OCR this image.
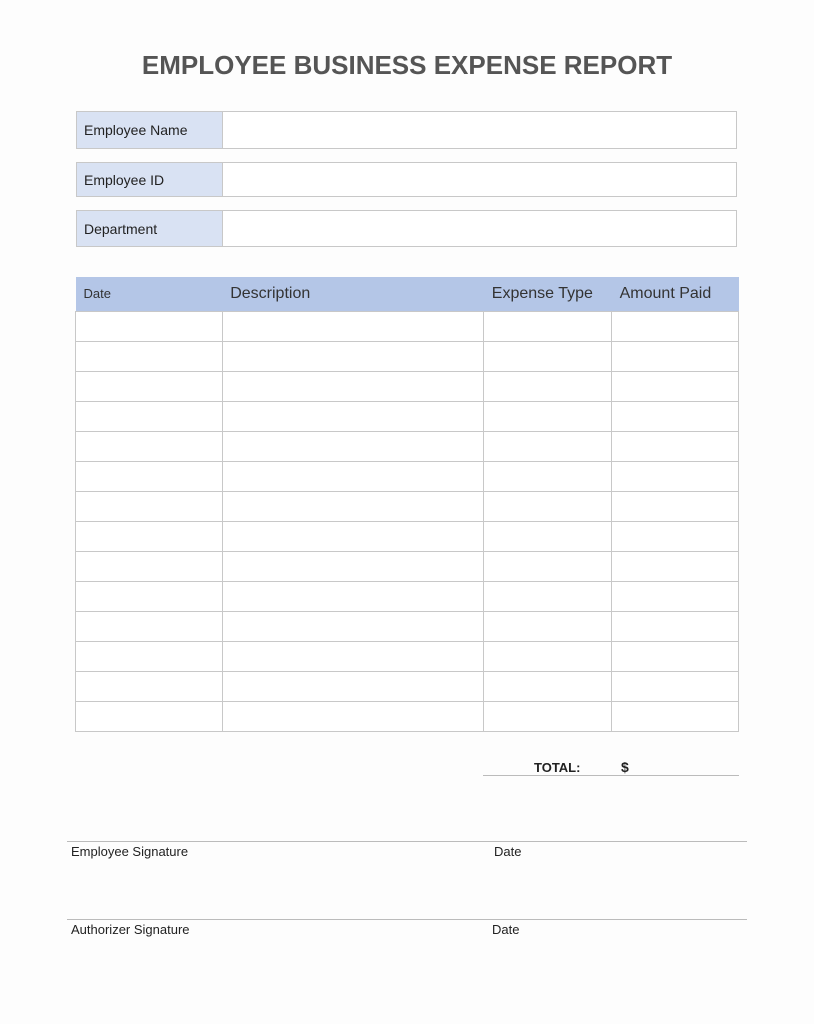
EMPLOYEE BUSINESS EXPENSE REPORT
Employee Name
Employee ID
Department
Date	Description	Expense Type	Amount Paid

TOTAL:	$
Employee Signature	Date
Authorizer Signature	Date
